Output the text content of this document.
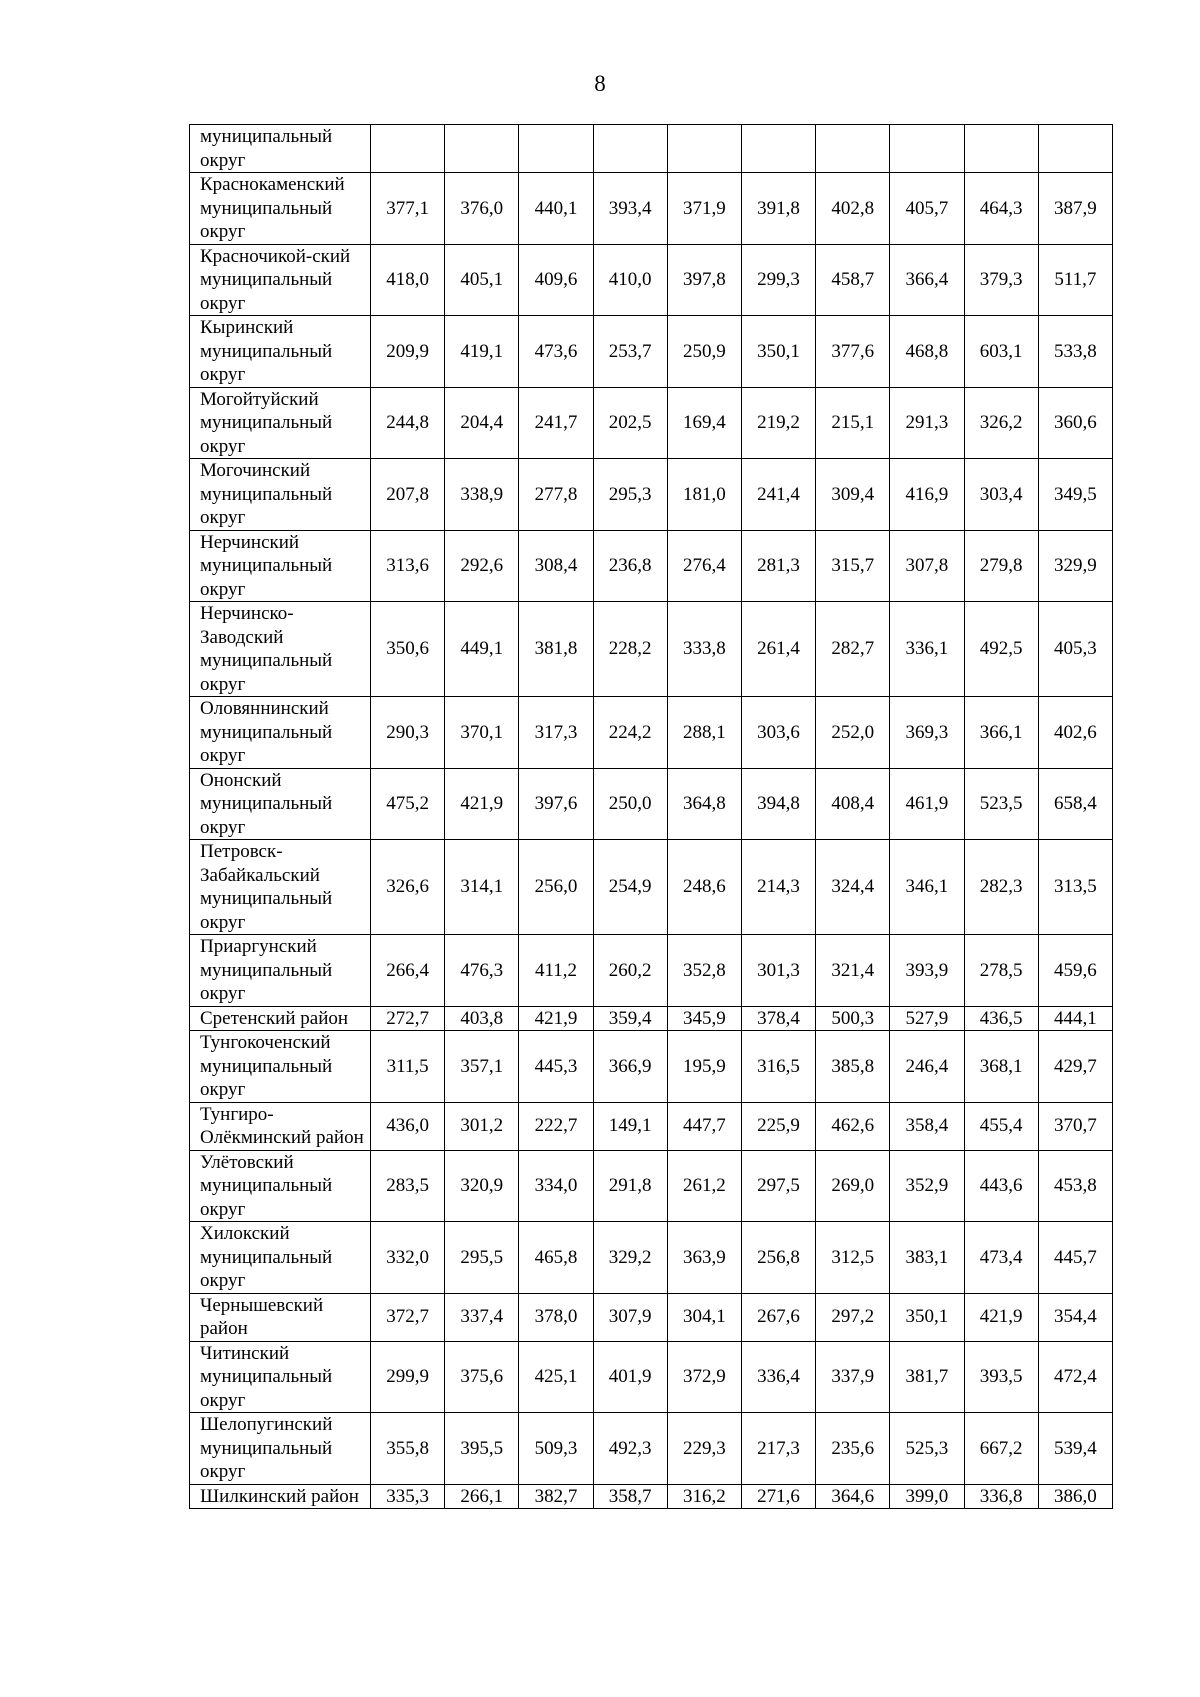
8
муниципальный округ										
Краснокаменский муниципальный округ	377,1	376,0	440,1	393,4	371,9	391,8	402,8	405,7	464,3	387,9
Красночикой-ский муниципальный округ	418,0	405,1	409,6	410,0	397,8	299,3	458,7	366,4	379,3	511,7
Кыринский муниципальный округ	209,9	419,1	473,6	253,7	250,9	350,1	377,6	468,8	603,1	533,8
Могойтуйский муниципальный округ	244,8	204,4	241,7	202,5	169,4	219,2	215,1	291,3	326,2	360,6
Могочинский муниципальный округ	207,8	338,9	277,8	295,3	181,0	241,4	309,4	416,9	303,4	349,5
Нерчинский муниципальный округ	313,6	292,6	308,4	236,8	276,4	281,3	315,7	307,8	279,8	329,9
Нерчинско-Заводский муниципальный округ	350,6	449,1	381,8	228,2	333,8	261,4	282,7	336,1	492,5	405,3
Оловяннинский муниципальный округ	290,3	370,1	317,3	224,2	288,1	303,6	252,0	369,3	366,1	402,6
Ононский муниципальный округ	475,2	421,9	397,6	250,0	364,8	394,8	408,4	461,9	523,5	658,4
Петровск-Забайкальский муниципальный округ	326,6	314,1	256,0	254,9	248,6	214,3	324,4	346,1	282,3	313,5
Приаргунский муниципальный округ	266,4	476,3	411,2	260,2	352,8	301,3	321,4	393,9	278,5	459,6
Сретенский район	272,7	403,8	421,9	359,4	345,9	378,4	500,3	527,9	436,5	444,1
Тунгокоченский муниципальный округ	311,5	357,1	445,3	366,9	195,9	316,5	385,8	246,4	368,1	429,7
Тунгиро-Олёкминский район	436,0	301,2	222,7	149,1	447,7	225,9	462,6	358,4	455,4	370,7
Улётовский муниципальный округ	283,5	320,9	334,0	291,8	261,2	297,5	269,0	352,9	443,6	453,8
Хилокский муниципальный округ	332,0	295,5	465,8	329,2	363,9	256,8	312,5	383,1	473,4	445,7
Чернышевский район	372,7	337,4	378,0	307,9	304,1	267,6	297,2	350,1	421,9	354,4
Читинский муниципальный округ	299,9	375,6	425,1	401,9	372,9	336,4	337,9	381,7	393,5	472,4
Шелопугинский муниципальный округ	355,8	395,5	509,3	492,3	229,3	217,3	235,6	525,3	667,2	539,4
Шилкинский район	335,3	266,1	382,7	358,7	316,2	271,6	364,6	399,0	336,8	386,0
